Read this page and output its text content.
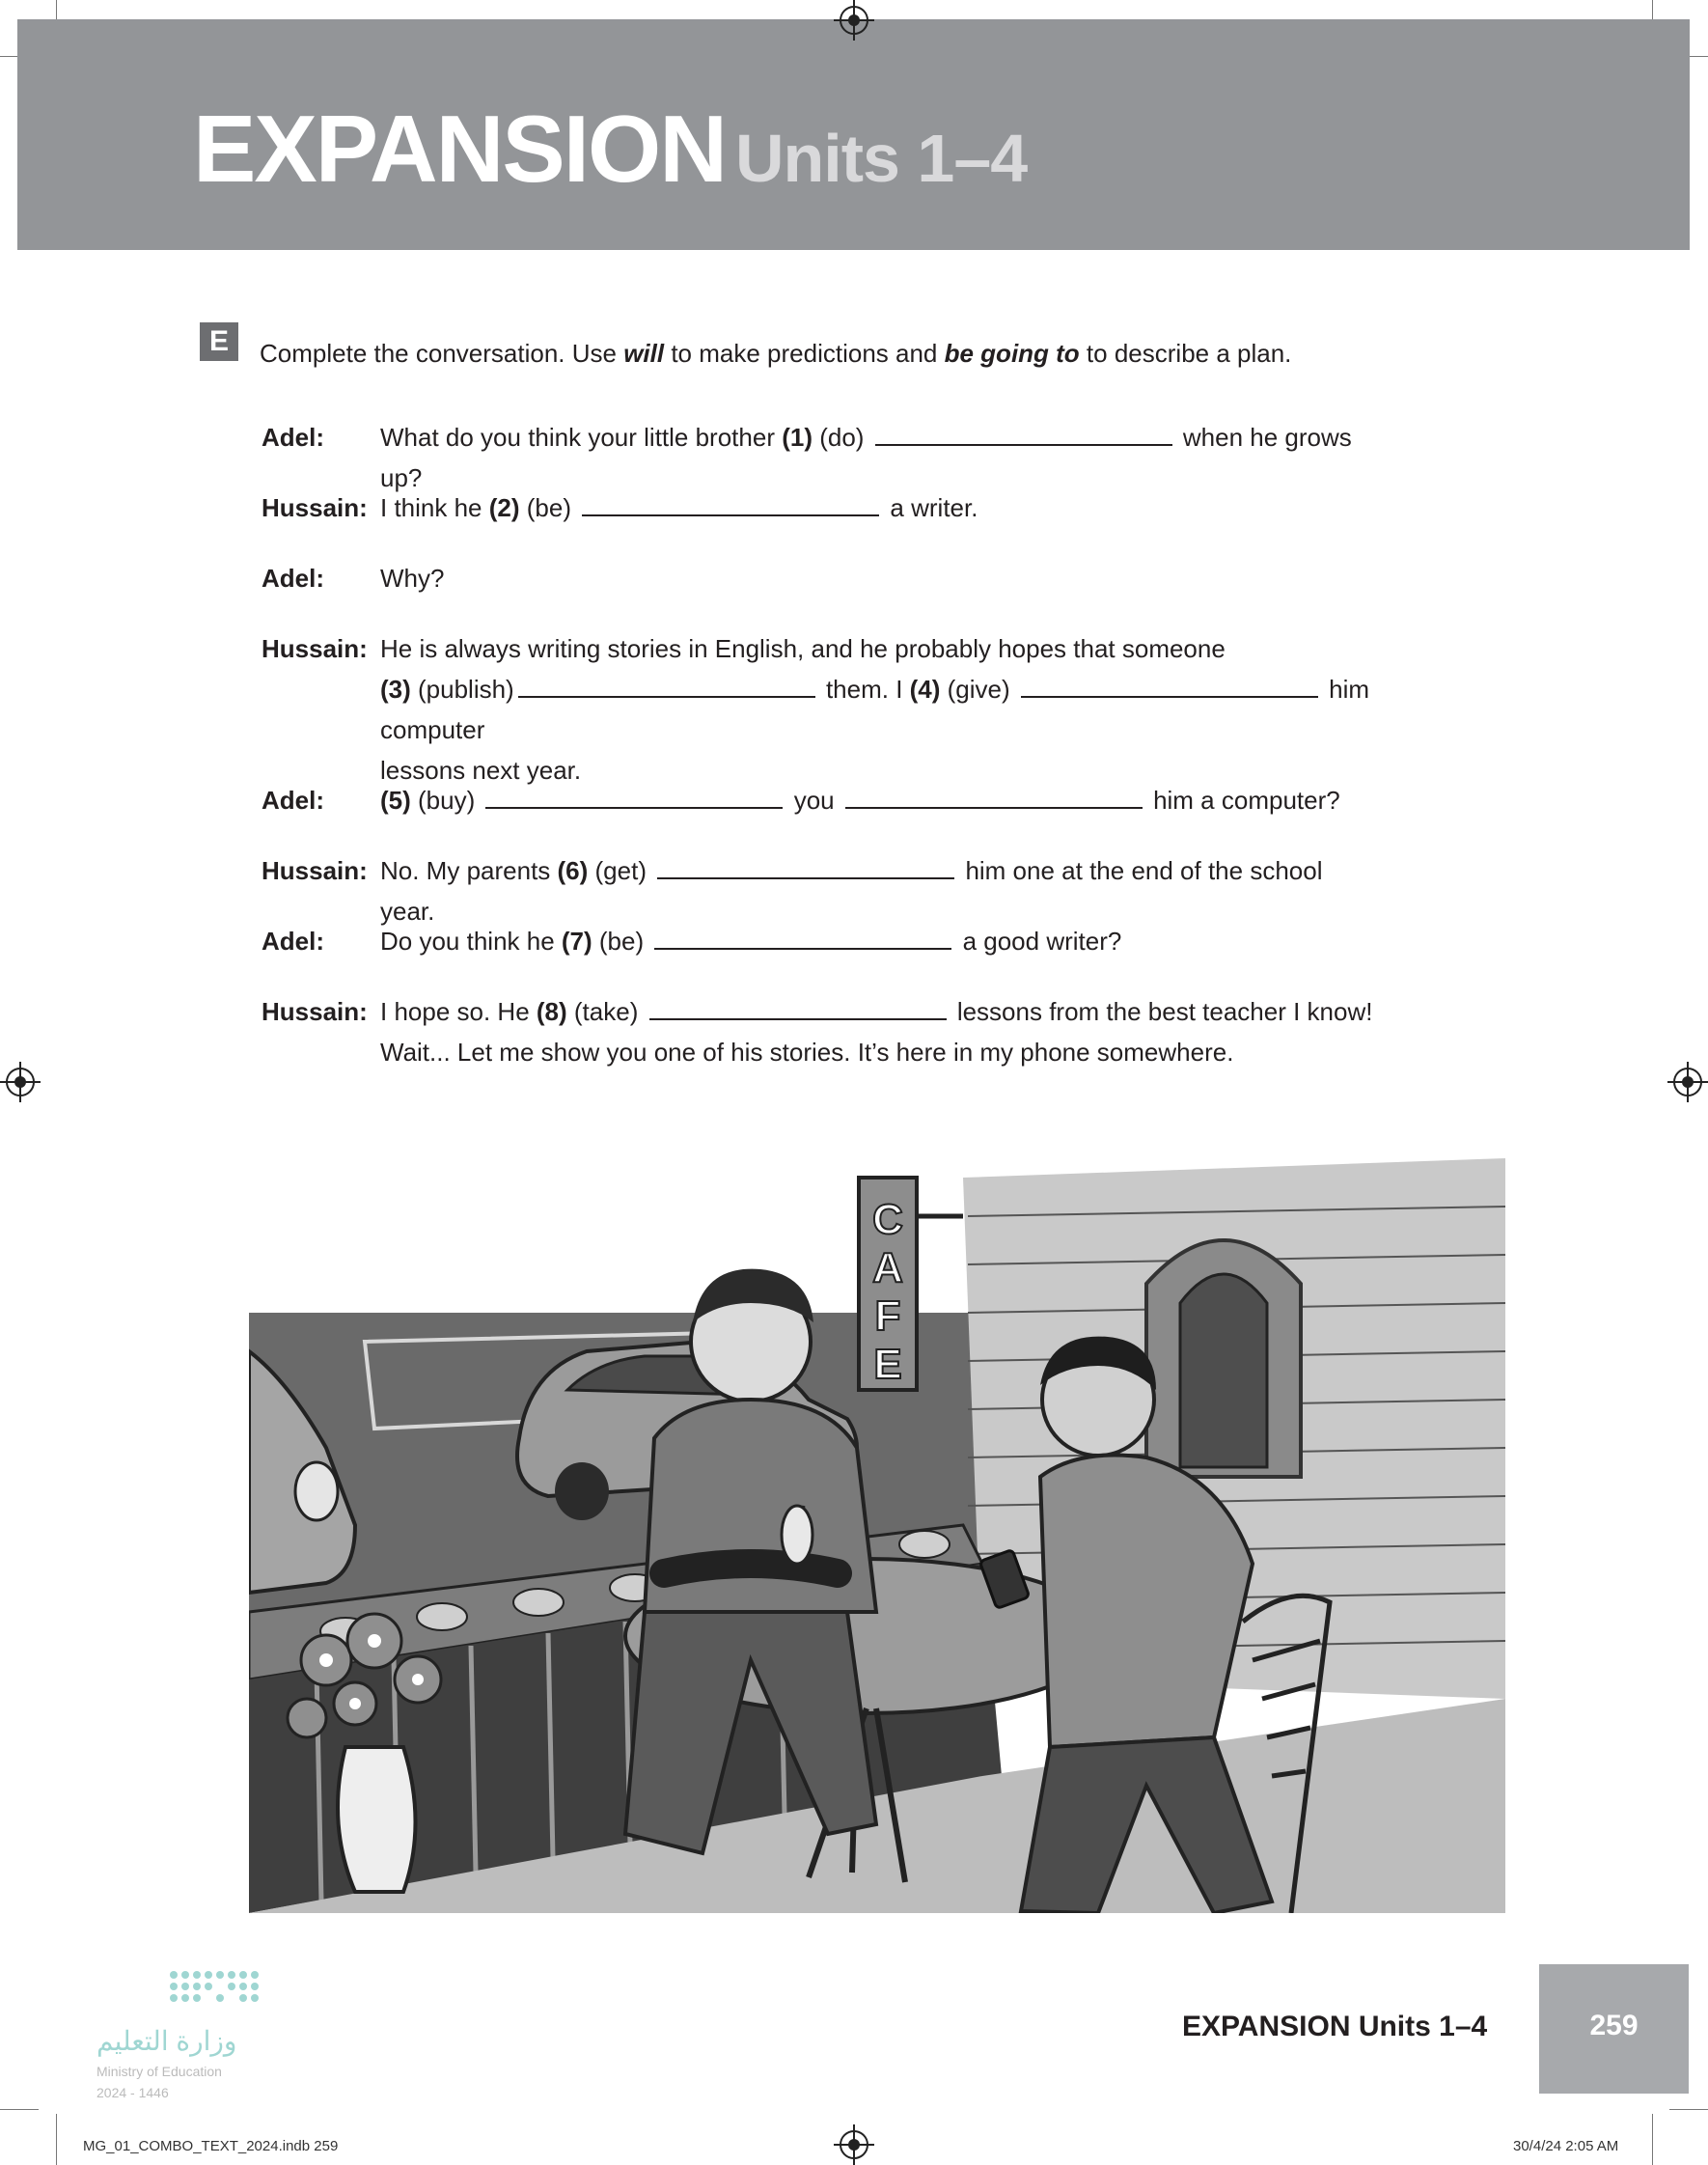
EXPANSION Units 1–4
E	Complete the conversation. Use will to make predictions and be going to to describe a plan.
Adel: What do you think your little brother (1) (do)	when he grows up?
Hussain: I think he (2) (be)	a writer.
Adel: Why?
Hussain: He is always writing stories in English, and he probably hopes that someone
(3) (publish)	them. I (4) (give)	him computer
lessons next year.
Adel: (5) (buy)	you	him a computer?
Hussain: No. My parents (6) (get)	him one at the end of the school year.
Adel: Do you think he (7) (be)	a good writer?
Hussain: I hope so. He (8) (take)	lessons from the best teacher I know!
Wait... Let me show you one of his stories. It’s here in my phone somewhere.
C
A
F
E
وزارة التعليم
Ministry of Education
2024 - 1446
EXPANSION Units 1–4	259
MG_01_COMBO_TEXT_2024.indb 259	30/4/24 2:05 AM
